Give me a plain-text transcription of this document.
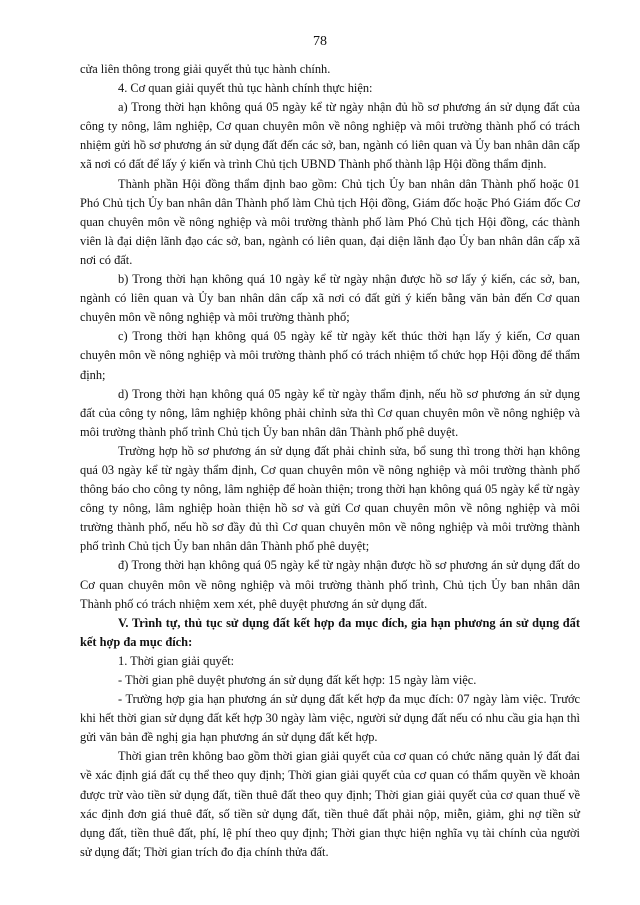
78

cửa liên thông trong giải quyết thủ tục hành chính.

4. Cơ quan giải quyết thủ tục hành chính thực hiện:

a) Trong thời hạn không quá 05 ngày kể từ ngày nhận đủ hồ sơ phương án sử dụng đất của công ty nông, lâm nghiệp, Cơ quan chuyên môn về nông nghiệp và môi trường thành phố có trách nhiệm gửi hồ sơ phương án sử dụng đất đến các sở, ban, ngành có liên quan và Ủy ban nhân dân cấp xã nơi có đất để lấy ý kiến và trình Chủ tịch UBND Thành phố thành lập Hội đồng thẩm định.

Thành phần Hội đồng thẩm định bao gồm: Chủ tịch Ủy ban nhân dân Thành phố hoặc 01 Phó Chủ tịch Ủy ban nhân dân Thành phố làm Chủ tịch Hội đồng, Giám đốc hoặc Phó Giám đốc Cơ quan chuyên môn về nông nghiệp và môi trường thành phố làm Phó Chủ tịch Hội đồng, các thành viên là đại diện lãnh đạo các sở, ban, ngành có liên quan, đại diện lãnh đạo Ủy ban nhân dân cấp xã nơi có đất.

b) Trong thời hạn không quá 10 ngày kể từ ngày nhận được hồ sơ lấy ý kiến, các sở, ban, ngành có liên quan và Ủy ban nhân dân cấp xã nơi có đất gửi ý kiến bằng văn bản đến Cơ quan chuyên môn về nông nghiệp và môi trường thành phố;

c) Trong thời hạn không quá 05 ngày kể từ ngày kết thúc thời hạn lấy ý kiến, Cơ quan chuyên môn về nông nghiệp và môi trường thành phố có trách nhiệm tổ chức họp Hội đồng để thẩm định;

d) Trong thời hạn không quá 05 ngày kể từ ngày thẩm định, nếu hồ sơ phương án sử dụng đất của công ty nông, lâm nghiệp không phải chỉnh sửa thì Cơ quan chuyên môn về nông nghiệp và môi trường thành phố trình Chủ tịch Ủy ban nhân dân Thành phố phê duyệt.

Trường hợp hồ sơ phương án sử dụng đất phải chỉnh sửa, bổ sung thì trong thời hạn không quá 03 ngày kể từ ngày thẩm định, Cơ quan chuyên môn về nông nghiệp và môi trường thành phố thông báo cho công ty nông, lâm nghiệp để hoàn thiện; trong thời hạn không quá 05 ngày kể từ ngày công ty nông, lâm nghiệp hoàn thiện hồ sơ và gửi Cơ quan chuyên môn về nông nghiệp và môi trường thành phố, nếu hồ sơ đầy đủ thì Cơ quan chuyên môn về nông nghiệp và môi trường thành phố trình Chủ tịch Ủy ban nhân dân Thành phố phê duyệt;

đ) Trong thời hạn không quá 05 ngày kể từ ngày nhận được hồ sơ phương án sử dụng đất do Cơ quan chuyên môn về nông nghiệp và môi trường thành phố trình, Chủ tịch Ủy ban nhân dân Thành phố có trách nhiệm xem xét, phê duyệt phương án sử dụng đất.

V. Trình tự, thủ tục sử dụng đất kết hợp đa mục đích, gia hạn phương án sử dụng đất kết hợp đa mục đích:

1. Thời gian giải quyết:

- Thời gian phê duyệt phương án sử dụng đất kết hợp: 15 ngày làm việc.

- Trường hợp gia hạn phương án sử dụng đất kết hợp đa mục đích: 07 ngày làm việc. Trước khi hết thời gian sử dụng đất kết hợp 30 ngày làm việc, người sử dụng đất nếu có nhu cầu gia hạn thì gửi văn bản đề nghị gia hạn phương án sử dụng đất kết hợp.

Thời gian trên không bao gồm thời gian giải quyết của cơ quan có chức năng quản lý đất đai về xác định giá đất cụ thể theo quy định; Thời gian giải quyết của cơ quan có thẩm quyền về khoản được trừ vào tiền sử dụng đất, tiền thuê đất theo quy định; Thời gian giải quyết của cơ quan thuế về xác định đơn giá thuê đất, số tiền sử dụng đất, tiền thuê đất phải nộp, miễn, giảm, ghi nợ tiền sử dụng đất, tiền thuê đất, phí, lệ phí theo quy định; Thời gian thực hiện nghĩa vụ tài chính của người sử dụng đất; Thời gian trích đo địa chính thửa đất.
